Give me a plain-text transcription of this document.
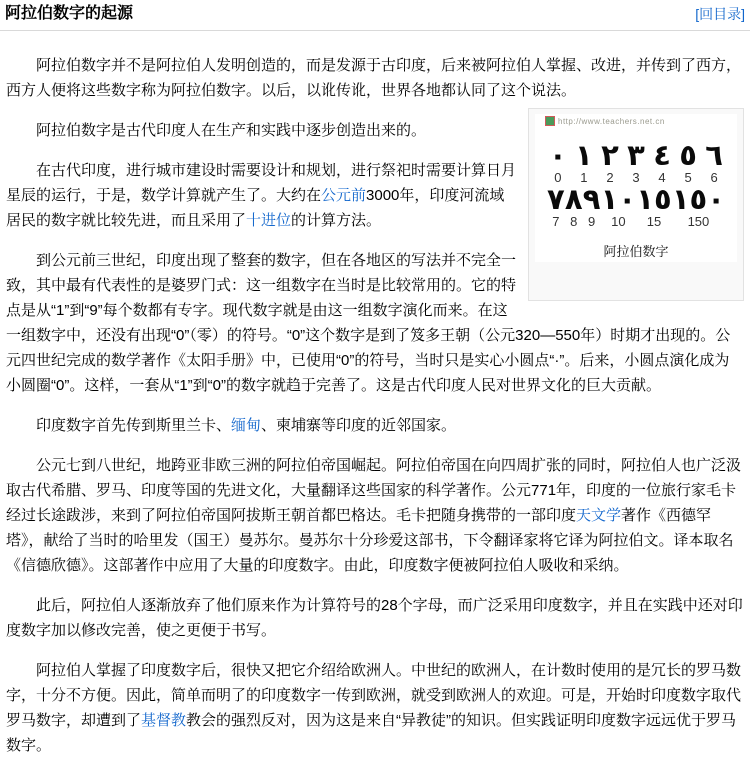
阿拉伯数字的起源	[回目录]

阿拉伯数字并不是阿拉伯人发明创造的，而是发源于古印度，后来被阿拉伯人掌握、改进，并传到了西方，西方人便将这些数字称为阿拉伯数字。以后，以讹传讹，世界各地都认同了这个说法。

http://www.teachers.net.cn
٠
0
١
1
٢
2
٣
3
٤
4
٥
5
٦
6
٧
7
٨
8
٩
9
١٠
10
١٥
15
١٥٠
150
阿拉伯数字

阿拉伯数字是古代印度人在生产和实践中逐步创造出来的。

在古代印度，进行城市建设时需要设计和规划，进行祭祀时需要计算日月星辰的运行，于是，数学计算就产生了。大约在公元前3000年，印度河流域居民的数字就比较先进，而且采用了十进位的计算方法。

到公元前三世纪，印度出现了整套的数字，但在各地区的写法并不完全一致，其中最有代表性的是婆罗门式：这一组数字在当时是比较常用的。它的特点是从“1”到“9”每个数都有专字。现代数字就是由这一组数字演化而来。在这一组数字中，还没有出现“0”（零）的符号。“0”这个数字是到了笈多王朝（公元320—550年）时期才出现的。公元四世纪完成的数学著作《太阳手册》中，已使用“0”的符号，当时只是实心小圆点“·”。后来，小圆点演化成为小圆圈“0”。这样，一套从“1”到“0”的数字就趋于完善了。这是古代印度人民对世界文化的巨大贡献。

印度数字首先传到斯里兰卡、缅甸、柬埔寨等印度的近邻国家。

公元七到八世纪，地跨亚非欧三洲的阿拉伯帝国崛起。阿拉伯帝国在向四周扩张的同时，阿拉伯人也广泛汲取古代希腊、罗马、印度等国的先进文化，大量翻译这些国家的科学著作。公元771年，印度的一位旅行家毛卡经过长途跋涉，来到了阿拉伯帝国阿拔斯王朝首都巴格达。毛卡把随身携带的一部印度天文学著作《西德罕塔》，献给了当时的哈里发（国王）曼苏尔。曼苏尔十分珍爱这部书，下令翻译家将它译为阿拉伯文。译本取名《信德欣德》。这部著作中应用了大量的印度数字。由此，印度数字便被阿拉伯人吸收和采纳。

此后，阿拉伯人逐渐放弃了他们原来作为计算符号的28个字母，而广泛采用印度数字，并且在实践中还对印度数字加以修改完善，使之更便于书写。

阿拉伯人掌握了印度数字后，很快又把它介绍给欧洲人。中世纪的欧洲人，在计数时使用的是冗长的罗马数字，十分不方便。因此，简单而明了的印度数字一传到欧洲，就受到欧洲人的欢迎。可是，开始时印度数字取代罗马数字，却遭到了基督教教会的强烈反对，因为这是来自“异教徒”的知识。但实践证明印度数字远远优于罗马数字。
